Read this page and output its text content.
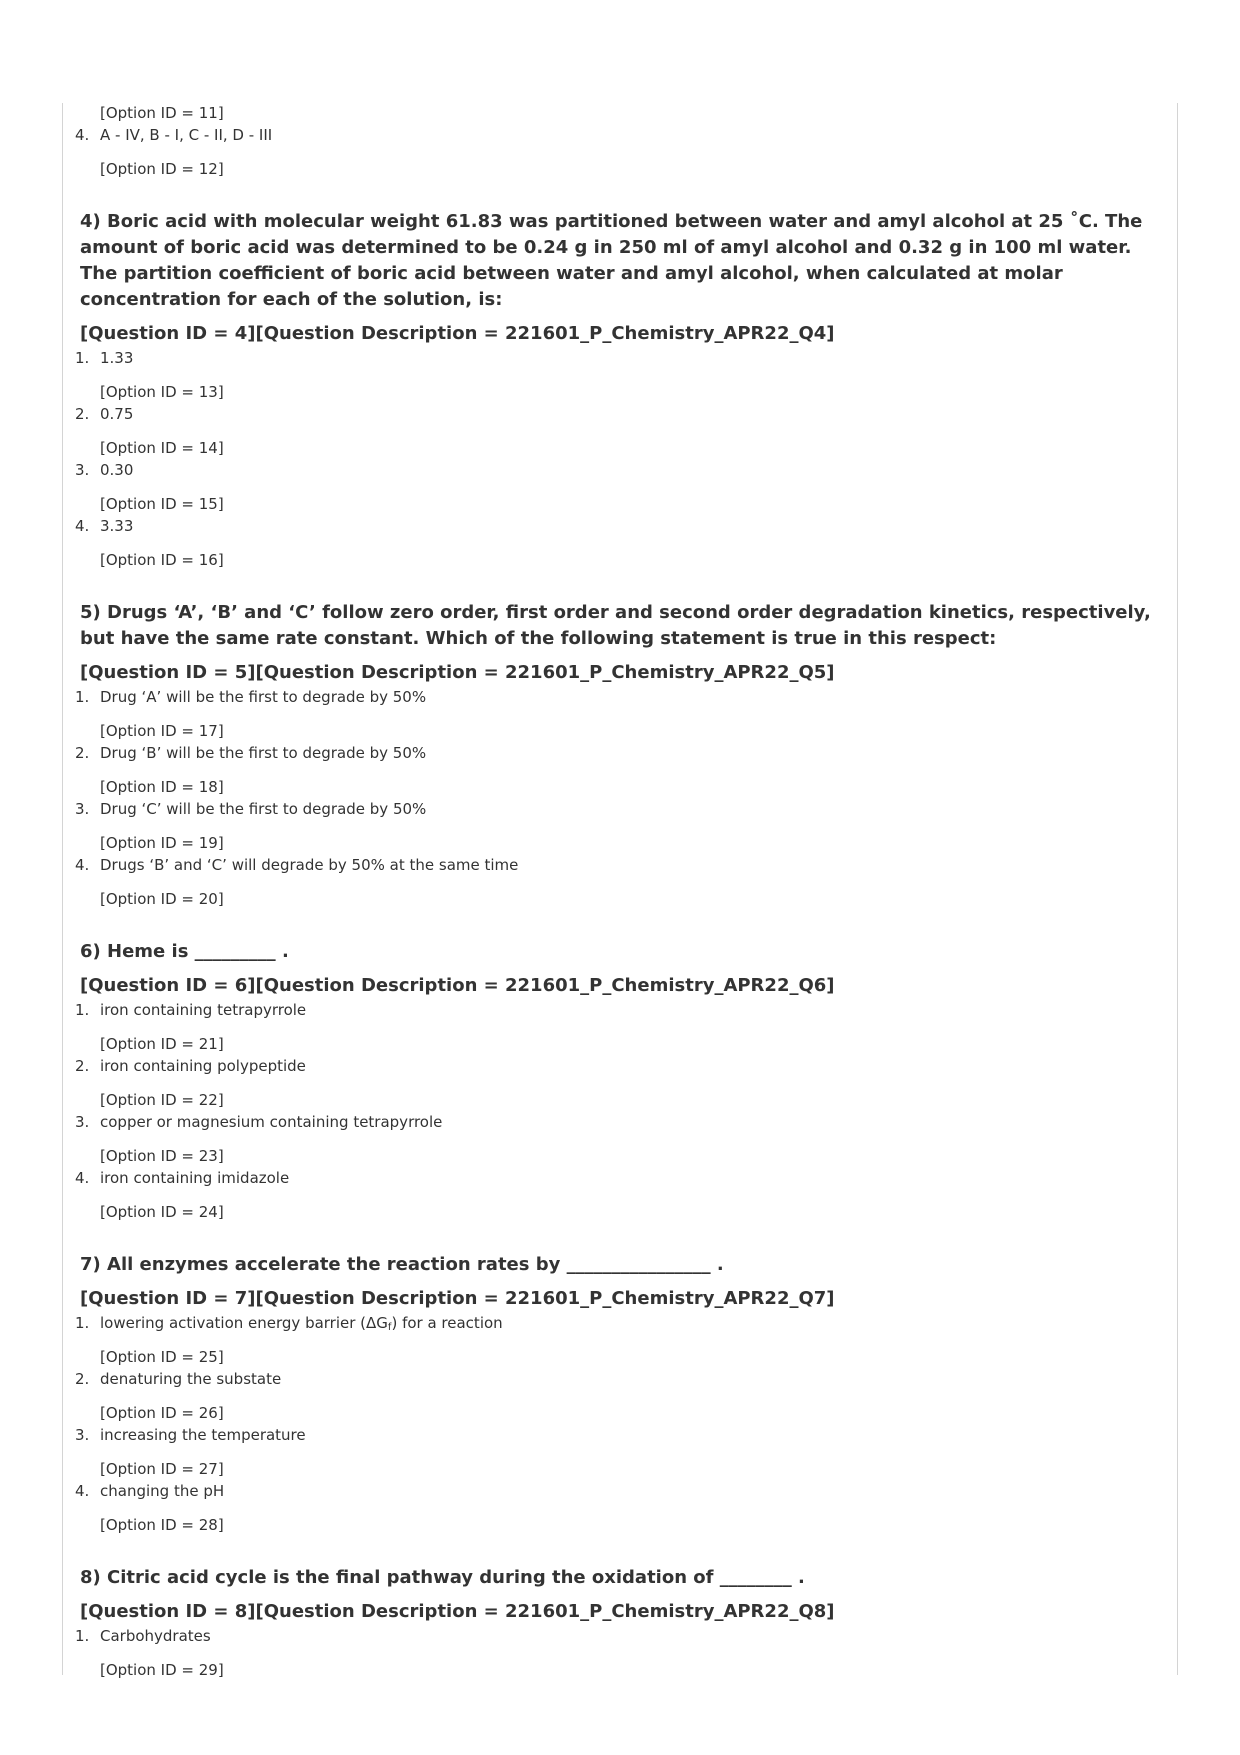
[Option ID = 11]
4. A - IV, B - I, C - II, D - III
[Option ID = 12]
4) Boric acid with molecular weight 61.83 was partitioned between water and amyl alcohol at 25 ˚C. The amount of boric acid was determined to be 0.24 g in 250 ml of amyl alcohol and 0.32 g in 100 ml water. The partition coefficient of boric acid between water and amyl alcohol, when calculated at molar concentration for each of the solution, is:
[Question ID = 4][Question Description = 221601_P_Chemistry_APR22_Q4]
1. 1.33
[Option ID = 13]
2. 0.75
[Option ID = 14]
3. 0.30
[Option ID = 15]
4. 3.33
[Option ID = 16]
5) Drugs ‘A’, ‘B’ and ‘C’ follow zero order, first order and second order degradation kinetics, respectively, but have the same rate constant. Which of the following statement is true in this respect:
[Question ID = 5][Question Description = 221601_P_Chemistry_APR22_Q5]
1. Drug ‘A’ will be the first to degrade by 50%
[Option ID = 17]
2. Drug ‘B’ will be the first to degrade by 50%
[Option ID = 18]
3. Drug ‘C’ will be the first to degrade by 50%
[Option ID = 19]
4. Drugs ‘B’ and ‘C’ will degrade by 50% at the same time
[Option ID = 20]
6) Heme is _________ .
[Question ID = 6][Question Description = 221601_P_Chemistry_APR22_Q6]
1. iron containing tetrapyrrole
[Option ID = 21]
2. iron containing polypeptide
[Option ID = 22]
3. copper or magnesium containing tetrapyrrole
[Option ID = 23]
4. iron containing imidazole
[Option ID = 24]
7) All enzymes accelerate the reaction rates by ________________ .
[Question ID = 7][Question Description = 221601_P_Chemistry_APR22_Q7]
1. lowering activation energy barrier $(\Delta G_f)$ for a reaction
[Option ID = 25]
2. denaturing the substate
[Option ID = 26]
3. increasing the temperature
[Option ID = 27]
4. changing the pH
[Option ID = 28]
8) Citric acid cycle is the final pathway during the oxidation of ________ .
[Question ID = 8][Question Description = 221601_P_Chemistry_APR22_Q8]
1. Carbohydrates
[Option ID = 29]
